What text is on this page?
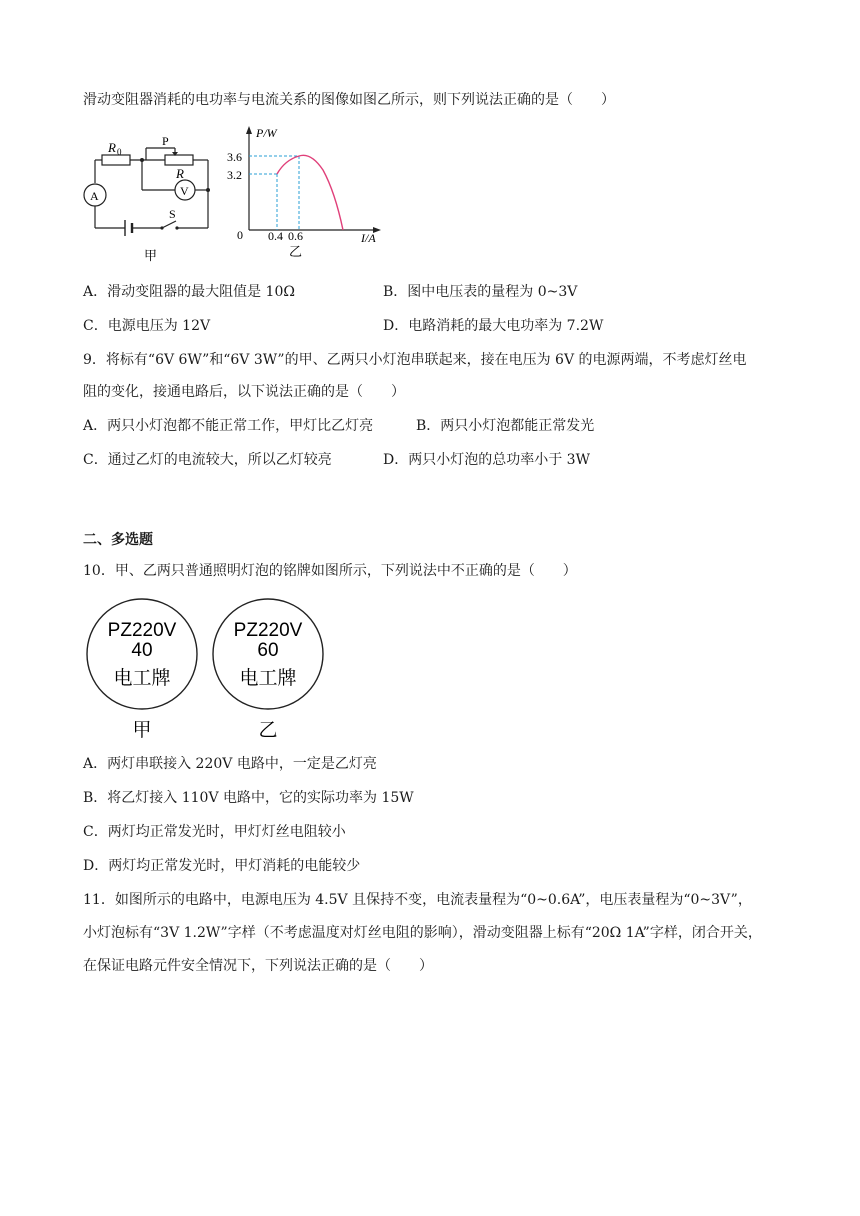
滑动变阻器消耗的电功率与电流关系的图像如图乙所示，则下列说法正确的是（　　）
R 0
P
R
V
A
S
甲
P/W
3.6
3.2
0 0.4 0.6	I/A
乙
A．滑动变阻器的最大阻值是 10Ω	B．图中电压表的量程为 0~3V
C．电源电压为 12V	D．电路消耗的最大电功率为 7.2W
9．将标有“6V 6W”和“6V 3W”的甲、乙两只小灯泡串联起来，接在电压为 6V 的电源两端，不考虑灯丝电
阻的变化，接通电路后，以下说法正确的是（　　）
A．两只小灯泡都不能正常工作，甲灯比乙灯亮	B．两只小灯泡都能正常发光
C．通过乙灯的电流较大，所以乙灯较亮	D．两只小灯泡的总功率小于 3W
二、多选题
10．甲、乙两只普通照明灯泡的铭牌如图所示，下列说法中不正确的是（　　）
PZ220V
40
电工牌
PZ220V
60
电工牌
甲	乙
A．两灯串联接入 220V 电路中，一定是乙灯亮
B．将乙灯接入 110V 电路中，它的实际功率为 15W
C．两灯均正常发光时，甲灯灯丝电阻较小
D．两灯均正常发光时，甲灯消耗的电能较少
11．如图所示的电路中，电源电压为 4.5V 且保持不变，电流表量程为“0~0.6A”，电压表量程为“0~3V”，
小灯泡标有“3V 1.2W”字样（不考虑温度对灯丝电阻的影响），滑动变阻器上标有“20Ω 1A”字样，闭合开关，
在保证电路元件安全情况下，下列说法正确的是（　　）
